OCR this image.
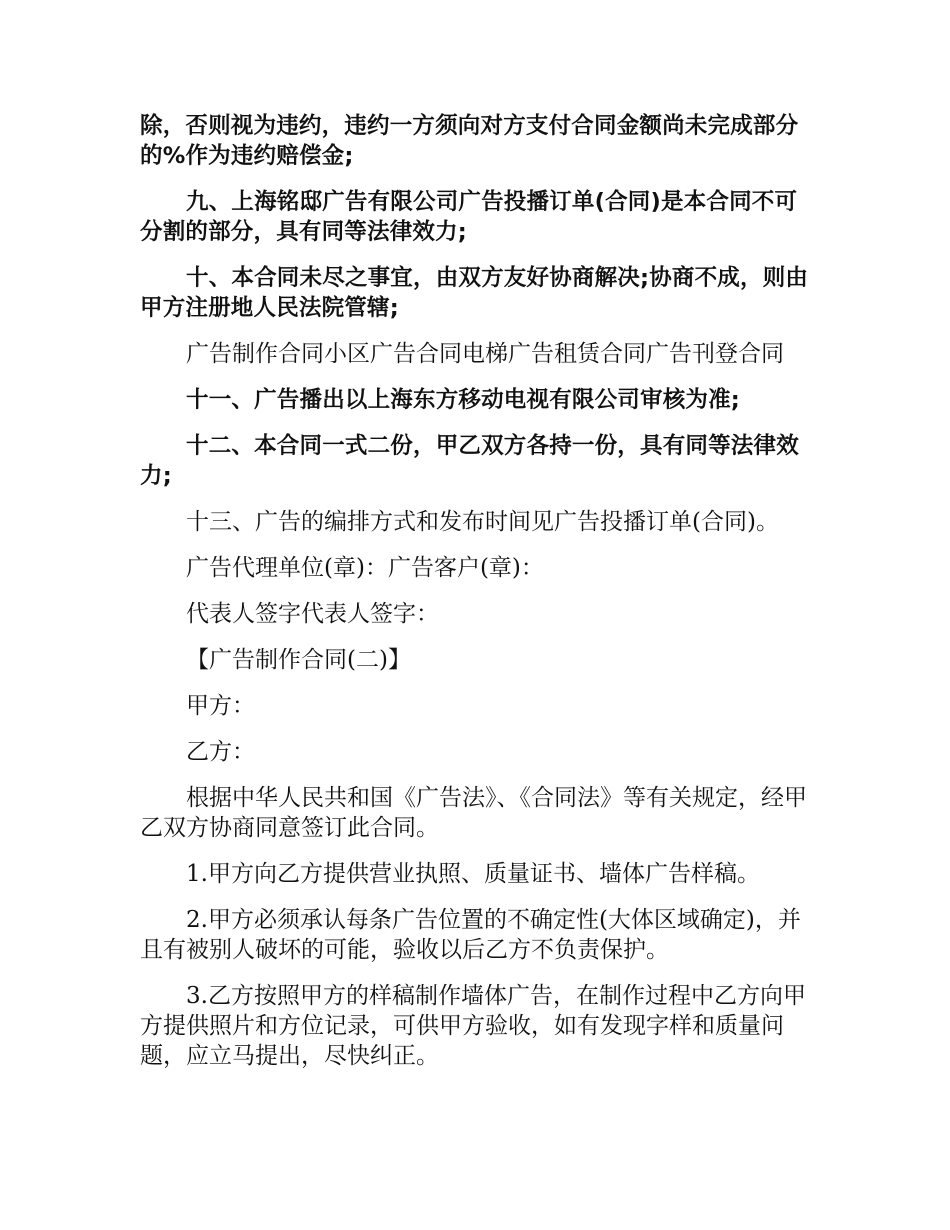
除，否则视为违约，违约一方须向对方支付合同金额尚未完成部分的%作为违约赔偿金;

九、上海铭邸广告有限公司广告投播订单(合同)是本合同不可分割的部分，具有同等法律效力;

十、本合同未尽之事宜，由双方友好协商解决;协商不成，则由甲方注册地人民法院管辖;

广告制作合同小区广告合同电梯广告租赁合同广告刊登合同

十一、广告播出以上海东方移动电视有限公司审核为准;

十二、本合同一式二份，甲乙双方各持一份，具有同等法律效力;

十三、广告的编排方式和发布时间见广告投播订单(合同)。

广告代理单位(章)：广告客户(章)：

代表人签字代表人签字：

【广告制作合同(二)】

甲方：

乙方：

根据中华人民共和国《广告法》、《合同法》等有关规定，经甲乙双方协商同意签订此合同。

1.甲方向乙方提供营业执照、质量证书、墙体广告样稿。

2.甲方必须承认每条广告位置的不确定性(大体区域确定)，并且有被别人破坏的可能，验收以后乙方不负责保护。

3.乙方按照甲方的样稿制作墙体广告，在制作过程中乙方向甲方提供照片和方位记录，可供甲方验收，如有发现字样和质量问题，应立马提出，尽快纠正。
